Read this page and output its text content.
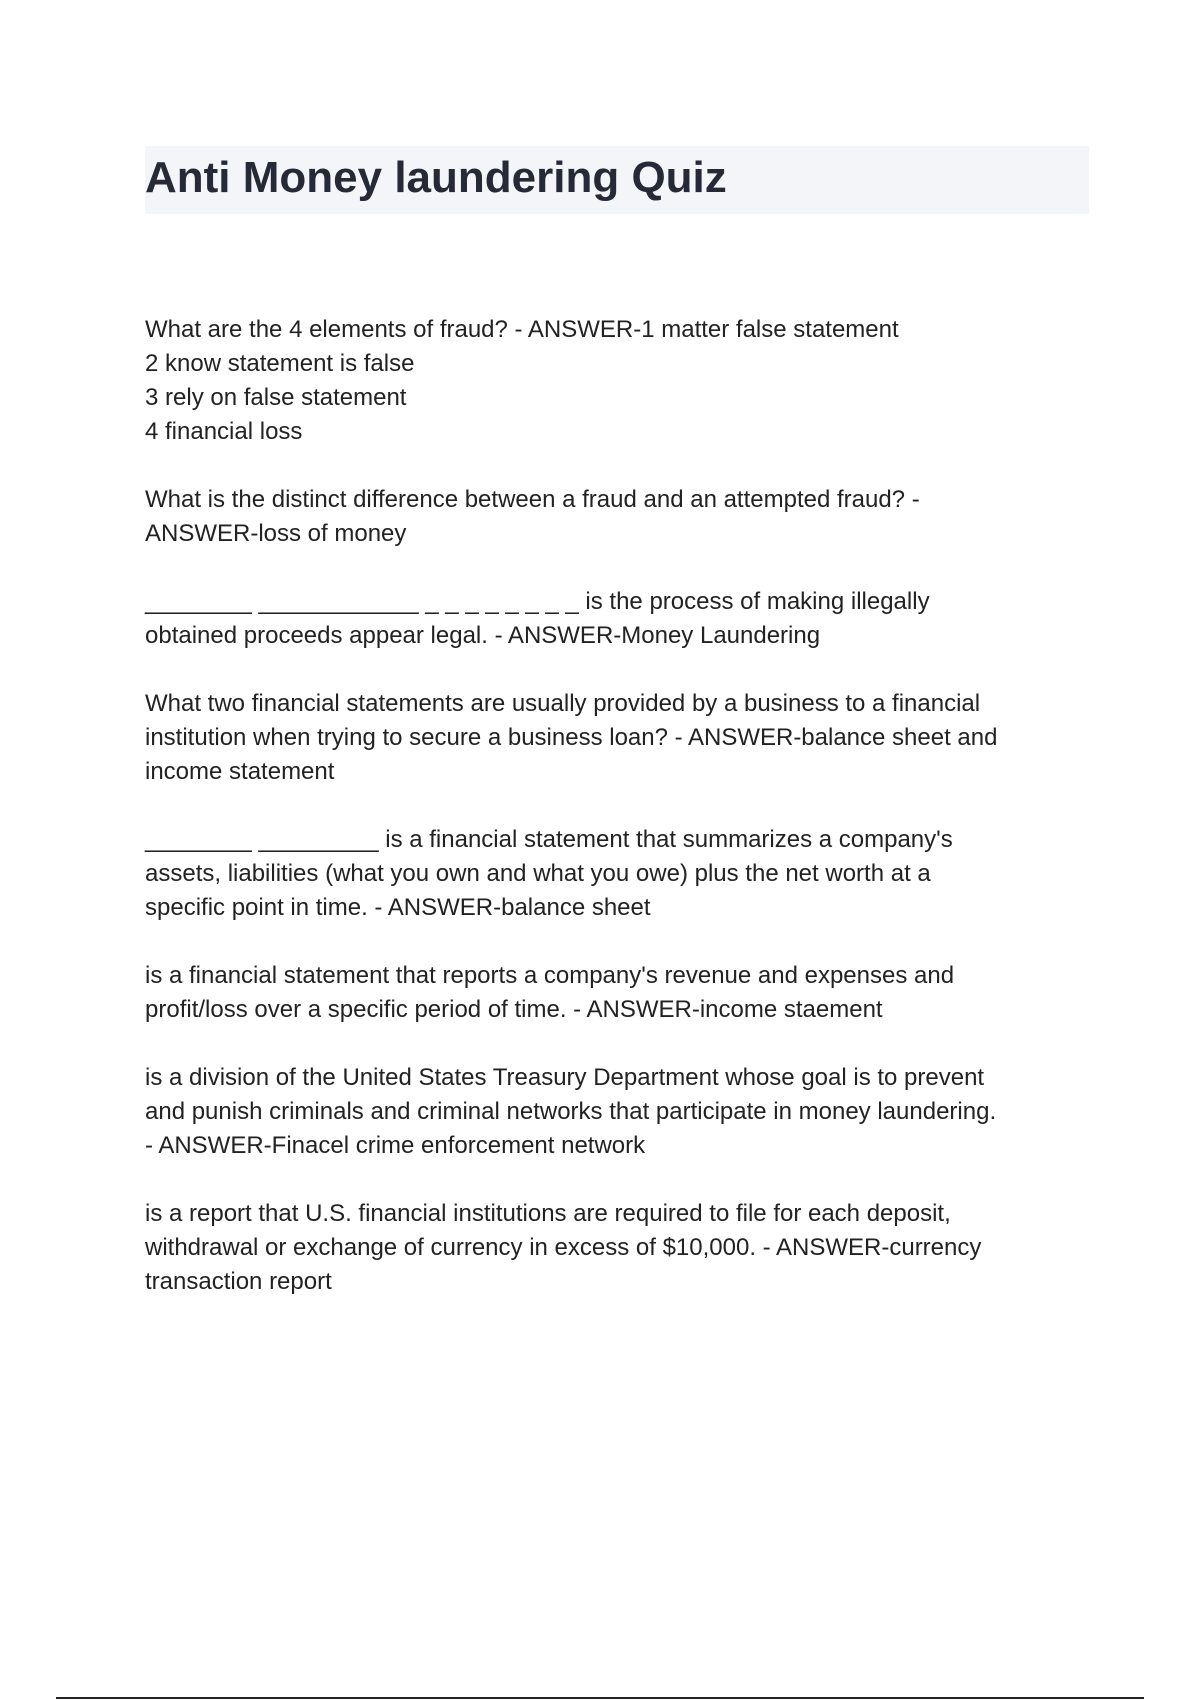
Anti Money laundering Quiz

What are the 4 elements of fraud? - ANSWER-1 matter false statement
2 know statement is false
3 rely on false statement
4 financial loss

What is the distinct difference between a fraud and an attempted fraud? -
ANSWER-loss of money

________ ____________ _ _ _ _ _ _ _ _ is the process of making illegally
obtained proceeds appear legal. - ANSWER-Money Laundering

What two financial statements are usually provided by a business to a financial
institution when trying to secure a business loan? - ANSWER-balance sheet and
income statement

________ _________ is a financial statement that summarizes a company's
assets, liabilities (what you own and what you owe) plus the net worth at a
specific point in time. - ANSWER-balance sheet

is a financial statement that reports a company's revenue and expenses and
profit/loss over a specific period of time. - ANSWER-income staement

is a division of the United States Treasury Department whose goal is to prevent
and punish criminals and criminal networks that participate in money laundering.
- ANSWER-Finacel crime enforcement network

is a report that U.S. financial institutions are required to file for each deposit,
withdrawal or exchange of currency in excess of $10,000. - ANSWER-currency
transaction report
